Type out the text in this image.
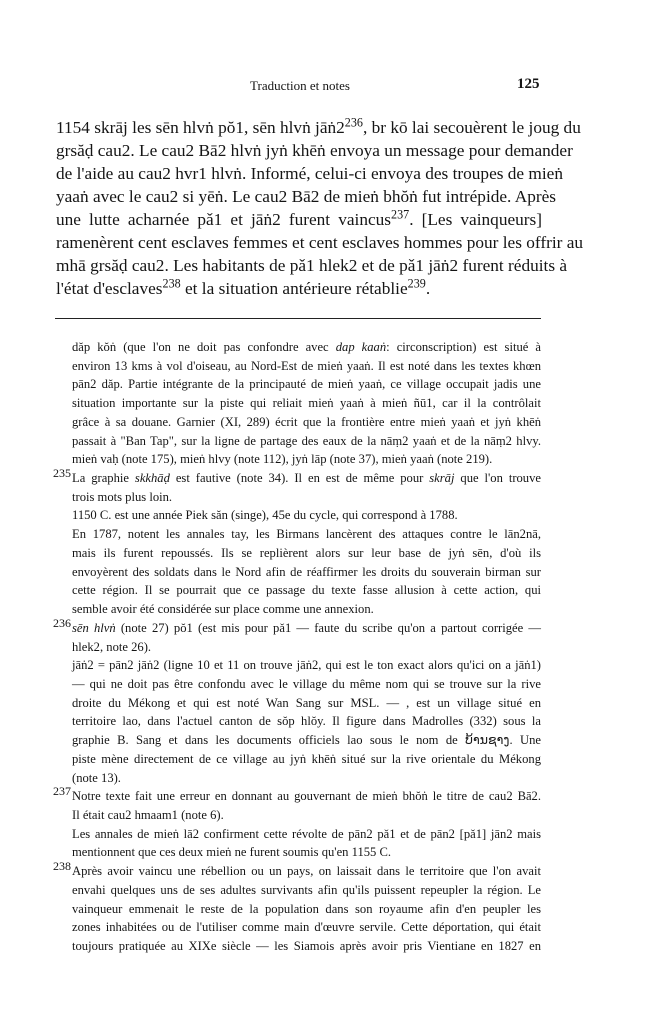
Traduction et notes	125
1154 skrāj les sēn hlvṅ pŏ1, sēn hlvṅ $jāṅ2^{236}$, br kō lai secouèrent le joug du
grsăḍ cau2. Le cau2 Bā2 hlvṅ jyṅ khēṅ envoya un message pour demander
de l'aide au cau2 hvr1 hlvṅ. Informé, celui-ci envoya des troupes de mieṅ
yaaṅ avec le cau2 si yēṅ. Le cau2 Bā2 de mieṅ bhŏṅ fut intrépide. Après
une lutte acharnée pǎ1 et jāṅ2 furent vaincus$^{237}$. [Les vainqueurs]
ramenèrent cent esclaves femmes et cent esclaves hommes pour les offrir au
mhā grsăḍ cau2. Les habitants de pǎ1 hlek2 et de pǎ1 jāṅ2 furent réduits à
l'état d'esclaves$^{238}$ et la situation antérieure rétablie$^{239}$.
dăp kŏṅ (que l'on ne doit pas confondre avec dap kaaṅ: circonscription) est situé à
environ 13 kms à vol d'oiseau, au Nord-Est de mieṅ yaaṅ. Il est noté dans les textes khœn
pān2 dăp. Partie intégrante de la principauté de mieṅ yaaṅ, ce village occupait jadis une
situation importante sur la piste qui reliait mieṅ yaaṅ à mieṅ ñū1, car il la contrôlait
grâce à sa douane. Garnier (XI, 289) écrit que la frontière entre mieṅ yaaṅ et jyṅ khēṅ
passait à "Ban Tap", sur la ligne de partage des eaux de la nāṃ2 yaaṅ et de la nāṃ2 hlvy.
mieṅ vaḥ (note 175), mieṅ hlvy (note 112), jyṅ lāp (note 37), mieṅ yaaṅ (note 219).
235 La graphie skkhāḍ est fautive (note 34). Il en est de même pour skrāj que l'on trouve
trois mots plus loin.
1150 C. est une année Piek săn (singe), 45e du cycle, qui correspond à 1788.
En 1787, notent les annales tay, les Birmans lancèrent des attaques contre le lān2nā,
mais ils furent repoussés. Ils se replièrent alors sur leur base de jyṅ sēn, d'où ils
envoyèrent des soldats dans le Nord afin de réaffirmer les droits du souverain birman sur
cette région. Il se pourrait que ce passage du texte fasse allusion à cette action, qui
semble avoir été considérée sur place comme une annexion.
236 sēn hlvṅ (note 27) pŏ1 (est mis pour pǎ1 — faute du scribe qu'on a partout corrigée —
hlek2, note 26).
jāṅ2 = pān2 jāṅ2 (ligne 10 et 11 on trouve jāṅ2, qui est le ton exact alors qu'ici on a jāṅ1)
— qui ne doit pas être confondu avec le village du même nom qui se trouve sur la rive
droite du Mékong et qui est noté Wan Sang sur MSL. — , est un village situé en
territoire lao, dans l'actuel canton de sŏp hlŏy. Il figure dans Madrolles (332) sous la
graphie B. Sang et dans les documents officiels lao sous le nom de ບ້ານຊາງ. Une
piste mène directement de ce village au jyṅ khēṅ situé sur la rive orientale du Mékong
(note 13).
237 Notre texte fait une erreur en donnant au gouvernant de mieṅ bhŏṅ le titre de cau2 Bā2.
Il était cau2 hmaam1 (note 6).
Les annales de mieṅ lā2 confirment cette révolte de pān2 pǎ1 et de pān2 [pǎ1] jān2 mais
mentionnent que ces deux mieṅ ne furent soumis qu'en 1155 C.
238 Après avoir vaincu une rébellion ou un pays, on laissait dans le territoire que l'on avait
envahi quelques uns de ses adultes survivants afin qu'ils puissent repeupler la région. Le
vainqueur emmenait le reste de la population dans son royaume afin d'en peupler les
zones inhabitées ou de l'utiliser comme main d'œuvre servile. Cette déportation, qui était
toujours pratiquée au XIXe siècle — les Siamois après avoir pris Vientiane en 1827 en
